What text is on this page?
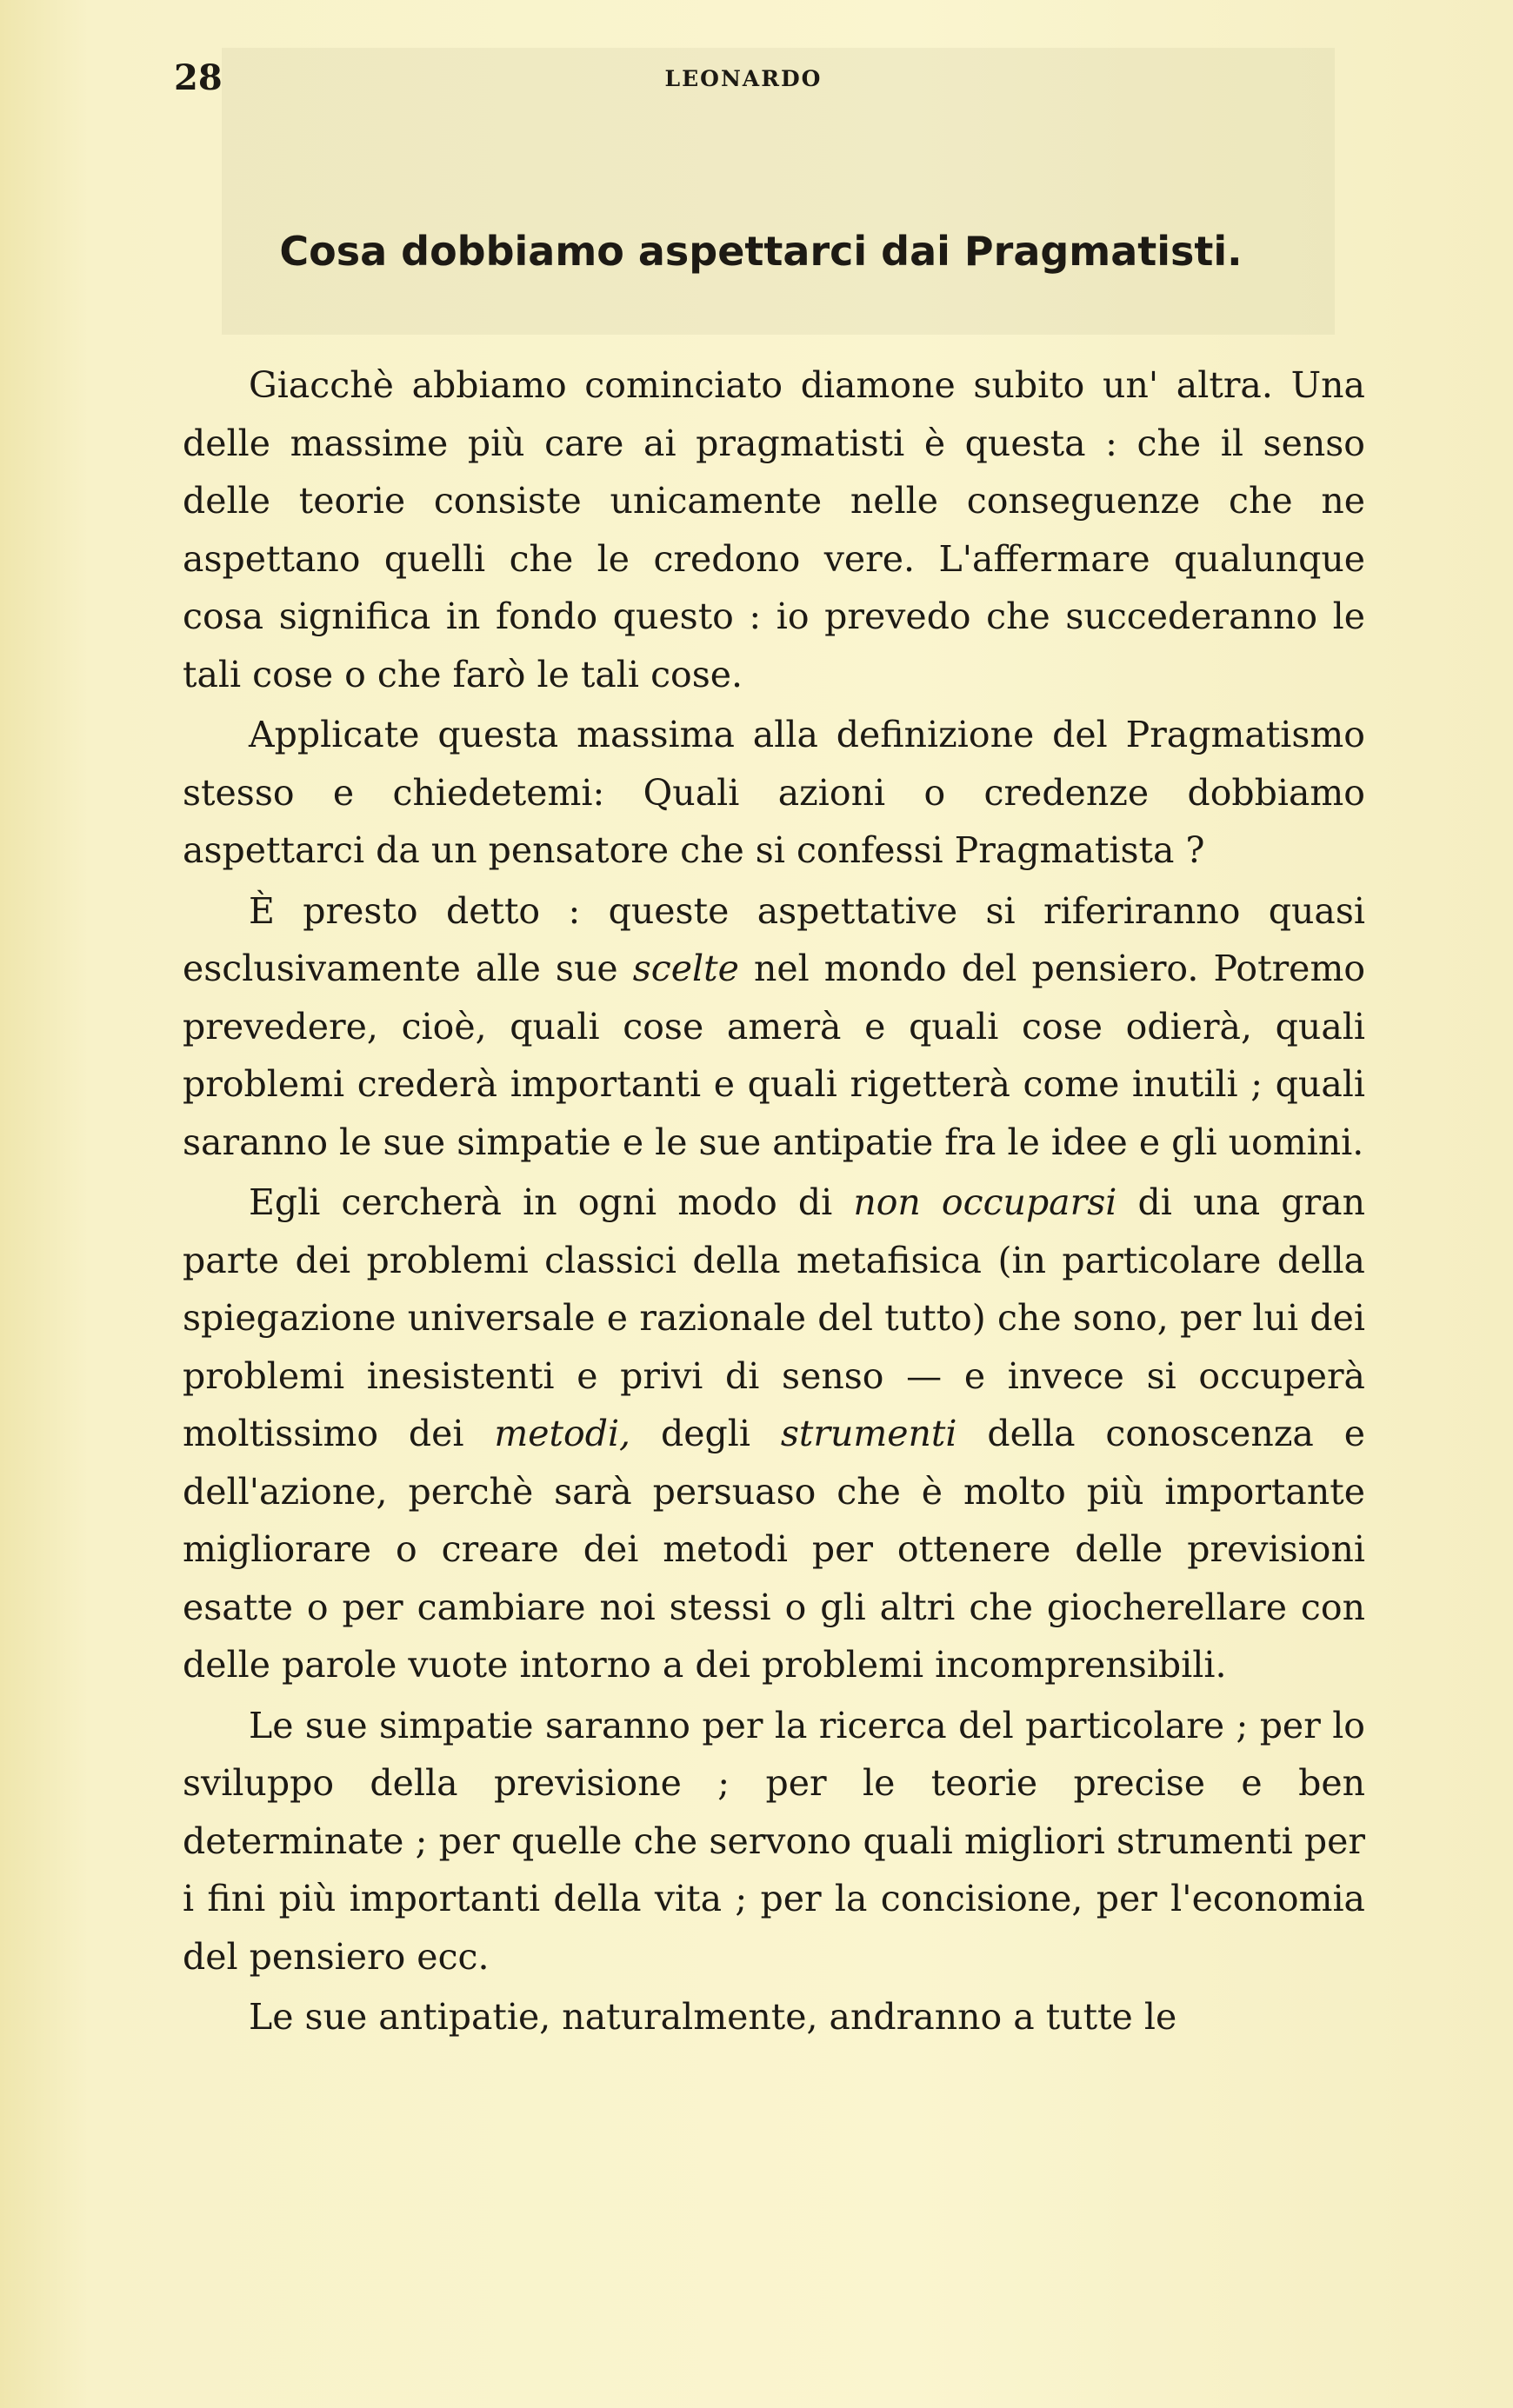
28	LEONARDO
Cosa dobbiamo aspettarci dai Pragmatisti.

Giacchè abbiamo cominciato diamone subito un' altra. Una delle massime più care ai pragmatisti è questa : che il senso delle teorie consiste unicamente nelle conseguenze che ne aspettano quelli che le credono vere. L'affermare qualunque cosa significa in fondo questo : io prevedo che succederanno le tali cose o che farò le tali cose.

Applicate questa massima alla definizione del Pragmatismo stesso e chiedetemi: Quali azioni o credenze dobbiamo aspettarci da un pensatore che si confessi Pragmatista ?

È presto detto : queste aspettative si riferiranno quasi esclusivamente alle sue scelte nel mondo del pensiero. Potremo prevedere, cioè, quali cose amerà e quali cose odierà, quali problemi crederà importanti e quali rigetterà come inutili ; quali saranno le sue simpatie e le sue antipatie fra le idee e gli uomini.

Egli cercherà in ogni modo di non occuparsi di una gran parte dei problemi classici della metafisica (in particolare della spiegazione universale e razionale del tutto) che sono, per lui dei problemi inesistenti e privi di senso — e invece si occuperà moltissimo dei metodi, degli strumenti della conoscenza e dell'azione, perchè sarà persuaso che è molto più importante migliorare o creare dei metodi per ottenere delle previsioni esatte o per cambiare noi stessi o gli altri che giocherellare con delle parole vuote intorno a dei problemi incomprensibili.

Le sue simpatie saranno per la ricerca del particolare ; per lo sviluppo della previsione ; per le teorie precise e ben determinate ; per quelle che servono quali migliori strumenti per i fini più importanti della vita ; per la concisione, per l'economia del pensiero ecc.

Le sue antipatie, naturalmente, andranno a tutte le
